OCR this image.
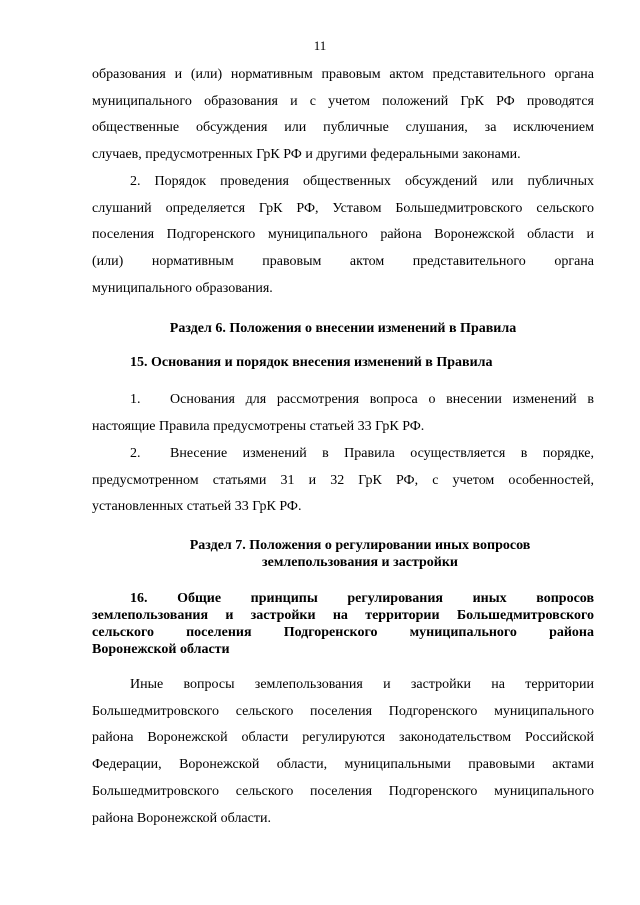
11
образования и (или) нормативным правовым актом представительного органа
муниципального образования и с учетом положений ГрК РФ проводятся
общественные обсуждения или публичные слушания, за исключением
случаев, предусмотренных ГрК РФ и другими федеральными законами.
2. Порядок проведения общественных обсуждений или публичных
слушаний определяется ГрК РФ, Уставом Большедмитровского сельского
поселения Подгоренского муниципального района Воронежской области и
(или) нормативным правовым актом представительного органа
муниципального образования.
Раздел 6. Положения о внесении изменений в Правила
15. Основания и порядок внесения изменений в Правила
1.	Основания для рассмотрения вопроса о внесении изменений в
настоящие Правила предусмотрены статьей 33 ГрК РФ.
2.	Внесение изменений в Правила осуществляется в порядке,
предусмотренном статьями 31 и 32 ГрК РФ, с учетом особенностей,
установленных статьей 33 ГрК РФ.
Раздел 7. Положения о регулировании иных вопросов
землепользования и застройки
16. Общие принципы регулирования иных вопросов
землепользования и застройки на территории Большедмитровского
сельского поселения Подгоренского муниципального района
Воронежской области
Иные вопросы землепользования и застройки на территории
Большедмитровского сельского поселения Подгоренского муниципального
района Воронежской области регулируются законодательством Российской
Федерации, Воронежской области, муниципальными правовыми актами
Большедмитровского сельского поселения Подгоренского муниципального
района Воронежской области.
